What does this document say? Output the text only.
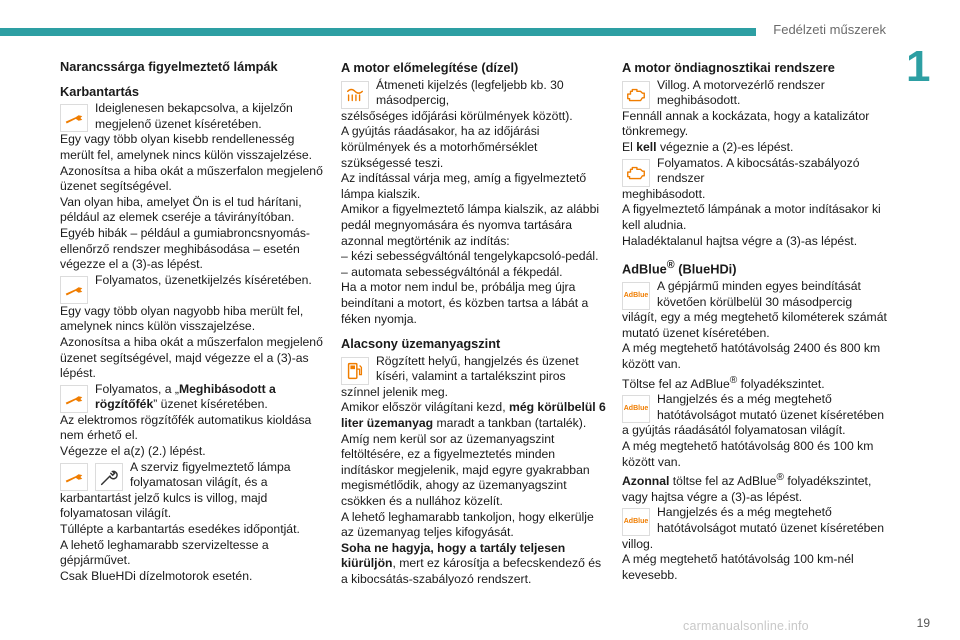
Fedélzeti műszerek
1

Narancssárga figyelmeztető lámpák

Karbantartás

Ideiglenesen bekapcsolva, a kijelzőn megjelenő üzenet kíséretében.

Egy vagy több olyan kisebb rendellenesség merült fel, amelynek nincs külön visszajelzése.

Azonosítsa a hiba okát a műszerfalon megjelenő üzenet segítségével.

Van olyan hiba, amelyet Ön is el tud hárítani, például az elemek cseréje a távirányítóban.

Egyéb hibák – például a gumiabroncsnyomás-ellenőrző rendszer meghibásodása – esetén végezze el a (3)-as lépést.

Folyamatos, üzenetkijelzés kíséretében.

Egy vagy több olyan nagyobb hiba merült fel, amelynek nincs külön visszajelzése.

Azonosítsa a hiba okát a műszerfalon megjelenő üzenet segítségével, majd végezze el a (3)-as lépést.

Folyamatos, a „Meghibásodott a rögzítőfék” üzenet kíséretében.

Az elektromos rögzítőfék automatikus kioldása nem érhető el.

Végezze el a(z) (2.) lépést.

A szerviz figyelmeztető lámpa folyamatosan világít, és a

karbantartást jelző kulcs is villog, majd folyamatosan világít.

Túllépte a karbantartás esedékes időpontját.

A lehető leghamarabb szervizeltesse a gépjárművet.

Csak BlueHDi dízelmotorok esetén.

A motor előmelegítése (dízel)

Átmeneti kijelzés (legfeljebb kb. 30 másodpercig,

szélsőséges időjárási körülmények között).

A gyújtás ráadásakor, ha az időjárási körülmények és a motorhőmérséklet szükségessé teszi.

Az indítással várja meg, amíg a figyelmeztető lámpa kialszik.

Amikor a figyelmeztető lámpa kialszik, az alábbi pedál megnyomására és nyomva tartására azonnal megtörténik az indítás:

– kézi sebességváltónál tengelykapcsoló-pedál.

– automata sebességváltónál a fékpedál.

Ha a motor nem indul be, próbálja meg újra beindítani a motort, és közben tartsa a lábát a féken nyomja.

Alacsony üzemanyagszint

Rögzített helyű, hangjelzés és üzenet kíséri, valamint a tartalékszint piros

színnel jelenik meg.

Amikor először világítani kezd, még körülbelül 6 liter üzemanyag maradt a tankban (tartalék).

Amíg nem kerül sor az üzemanyagszint feltöltésére, ez a figyelmeztetés minden indításkor megjelenik, majd egyre gyakrabban megismétlődik, ahogy az üzemanyagszint csökken és a nullához közelít.

A lehető leghamarabb tankoljon, hogy elkerülje az üzemanyag teljes kifogyását.

Soha ne hagyja, hogy a tartály teljesen kiürüljön, mert ez károsítja a befecskendező és a kibocsátás-szabályozó rendszert.

A motor öndiagnosztikai rendszere

Villog. A motorvezérlő rendszer meghibásodott.

Fennáll annak a kockázata, hogy a katalizátor tönkremegy.

El kell végeznie a (2)-es lépést.

Folyamatos. A kibocsátás-szabályozó rendszer

meghibásodott.

A figyelmeztető lámpának a motor indításakor ki kell aludnia.

Haladéktalanul hajtsa végre a (3)-as lépést.

AdBlue® (BlueHDi)

AdBlue

A gépjármű minden egyes beindítását követően körülbelül 30 másodpercig

világít, egy a még megtehető kilométerek számát mutató üzenet kíséretében.

A még megtehető hatótávolság 2400 és 800 km között van.

Töltse fel az AdBlue® folyadékszintet.

AdBlue

Hangjelzés és a még megtehető hatótávolságot mutató üzenet kíséretében

a gyújtás ráadásától folyamatosan világít.

A még megtehető hatótávolság 800 és 100 km között van.

Azonnal töltse fel az AdBlue® folyadékszintet, vagy hajtsa végre a (3)-as lépést.

AdBlue

Hangjelzés és a még megtehető hatótávolságot mutató üzenet kíséretében

villog.

A még megtehető hatótávolság 100 km-nél kevesebb.

carmanualsonline.info	19
